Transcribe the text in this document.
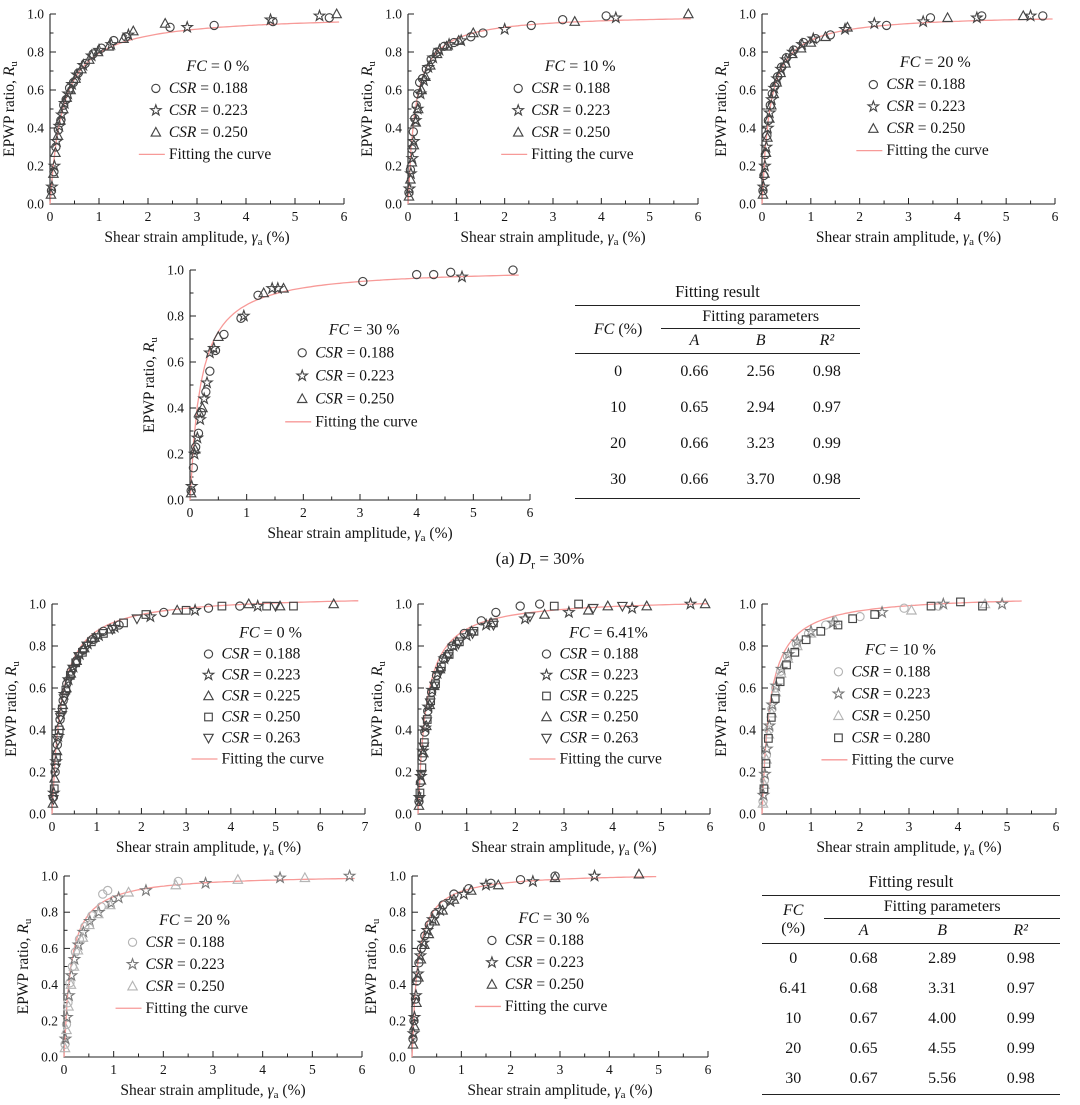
0	1	2	3	4	5	6
0.0
0.2
0.4
0.6
0.8
1.0
Shear strain amplitude, γa (%)
EPWP ratio, Ru	FC = 0 %
CSR = 0.188
CSR = 0.223
CSR = 0.250
Fitting the curve
0	1	2	3	4	5	6
0.0
0.2
0.4
0.6
0.8
1.0
Shear strain amplitude, γa (%)
EPWP ratio, Ru	FC = 10 %
CSR = 0.188
CSR = 0.223
CSR = 0.250
Fitting the curve
0	1	2	3	4	5	6
0.0
0.2
0.4
0.6
0.8
1.0
Shear strain amplitude, γa (%)
EPWP ratio, Ru	FC = 20 %
CSR = 0.188
CSR = 0.223
CSR = 0.250
Fitting the curve
0	1	2	3	4	5	6
0.0
0.2
0.4
0.6
0.8
1.0
Shear strain amplitude, γa (%)
EPWP ratio, Ru
FC = 30 %
CSR = 0.188
CSR = 0.223
CSR = 0.250
Fitting the curve
Fitting result
FC (%)	Fitting parameters		
	A	B	R²
0	0.66	2.56	0.98
10	0.65	2.94	0.97
20	0.66	3.23	0.99
30	0.66	3.70	0.98
(a) $D_r = 30\%$
0	1	2	3	4	5	6	7
0.0
0.2
0.4
0.6
0.8
1.0
Shear strain amplitude, γa (%)
EPWP ratio, Ru
FC = 0 %
CSR = 0.188
CSR = 0.223
CSR = 0.225
CSR = 0.250
CSR = 0.263
Fitting the curve
0	1	2	3	4	5	6
0.0
0.2
0.4
0.6
0.8
1.0
Shear strain amplitude, γa (%)
EPWP ratio, Ru
FC = 6.41%
CSR = 0.188
CSR = 0.223
CSR = 0.225
CSR = 0.250
CSR = 0.263
Fitting the curve
0	1	2	3	4	5	6
0.0
0.2
0.4
0.6
0.8
1.0
Shear strain amplitude, γa (%)
EPWP ratio, Ru
FC = 10 %
CSR = 0.188
CSR = 0.223
CSR = 0.250
CSR = 0.280
Fitting the curve
0	1	2	3	4	5	6
0.0
0.2
0.4
0.6
0.8
1.0
Shear strain amplitude, γa (%)
EPWP ratio, Ru	FC = 20 %
CSR = 0.188
CSR = 0.223
CSR = 0.250
Fitting the curve
0	1	2	3	4	5	6
0.0
0.2
0.4
0.6
0.8
1.0
Shear strain amplitude, γa (%)
EPWP ratio, Ru	FC = 30 %
CSR = 0.188
CSR = 0.223
CSR = 0.250
Fitting the curve
Fitting result
FC
(%)	Fitting parameters		
	A	B	R²
0	0.68	2.89	0.98
6.41	0.68	3.31	0.97
10	0.67	4.00	0.99
20	0.65	4.55	0.99
30	0.67	5.56	0.98
